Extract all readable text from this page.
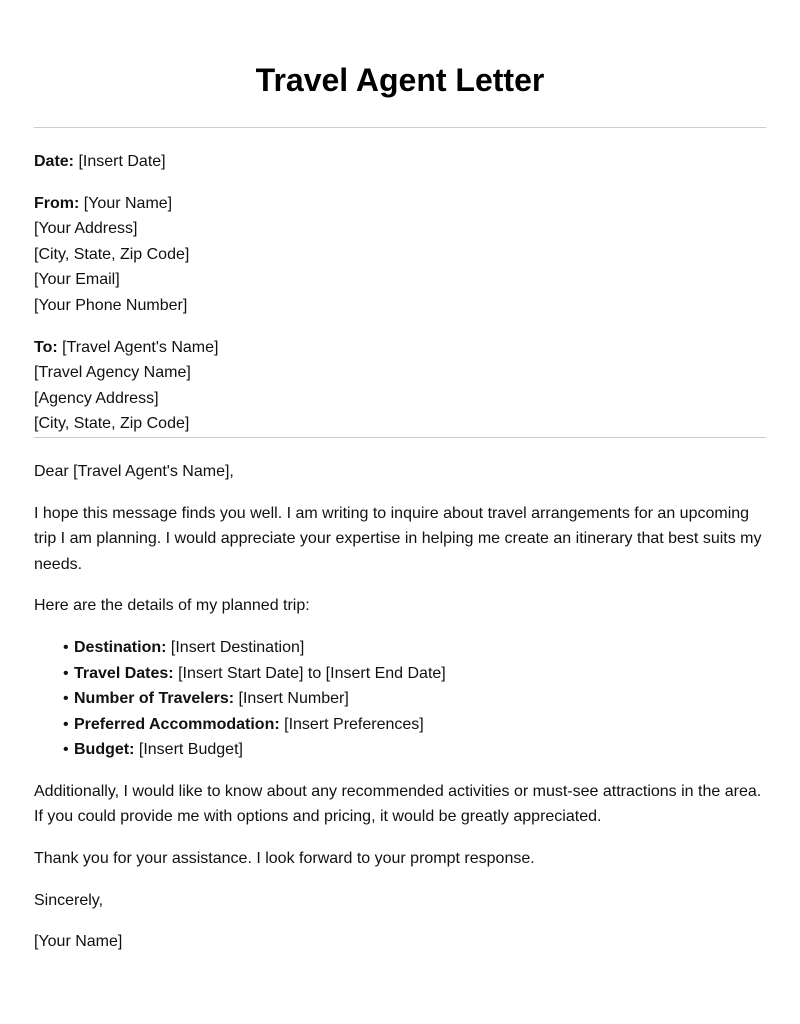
Travel Agent Letter
Date: [Insert Date]
From: [Your Name]
[Your Address]
[City, State, Zip Code]
[Your Email]
[Your Phone Number]
To: [Travel Agent's Name]
[Travel Agency Name]
[Agency Address]
[City, State, Zip Code]
Dear [Travel Agent's Name],

I hope this message finds you well. I am writing to inquire about travel arrangements for an upcoming trip I am planning. I would appreciate your expertise in helping me create an itinerary that best suits my needs.

Here are the details of my planned trip:

• Destination: [Insert Destination]
• Travel Dates: [Insert Start Date] to [Insert End Date]
• Number of Travelers: [Insert Number]
• Preferred Accommodation: [Insert Preferences]
• Budget: [Insert Budget]

Additionally, I would like to know about any recommended activities or must-see attractions in the area. If you could provide me with options and pricing, it would be greatly appreciated.

Thank you for your assistance. I look forward to your prompt response.

Sincerely,

[Your Name]
